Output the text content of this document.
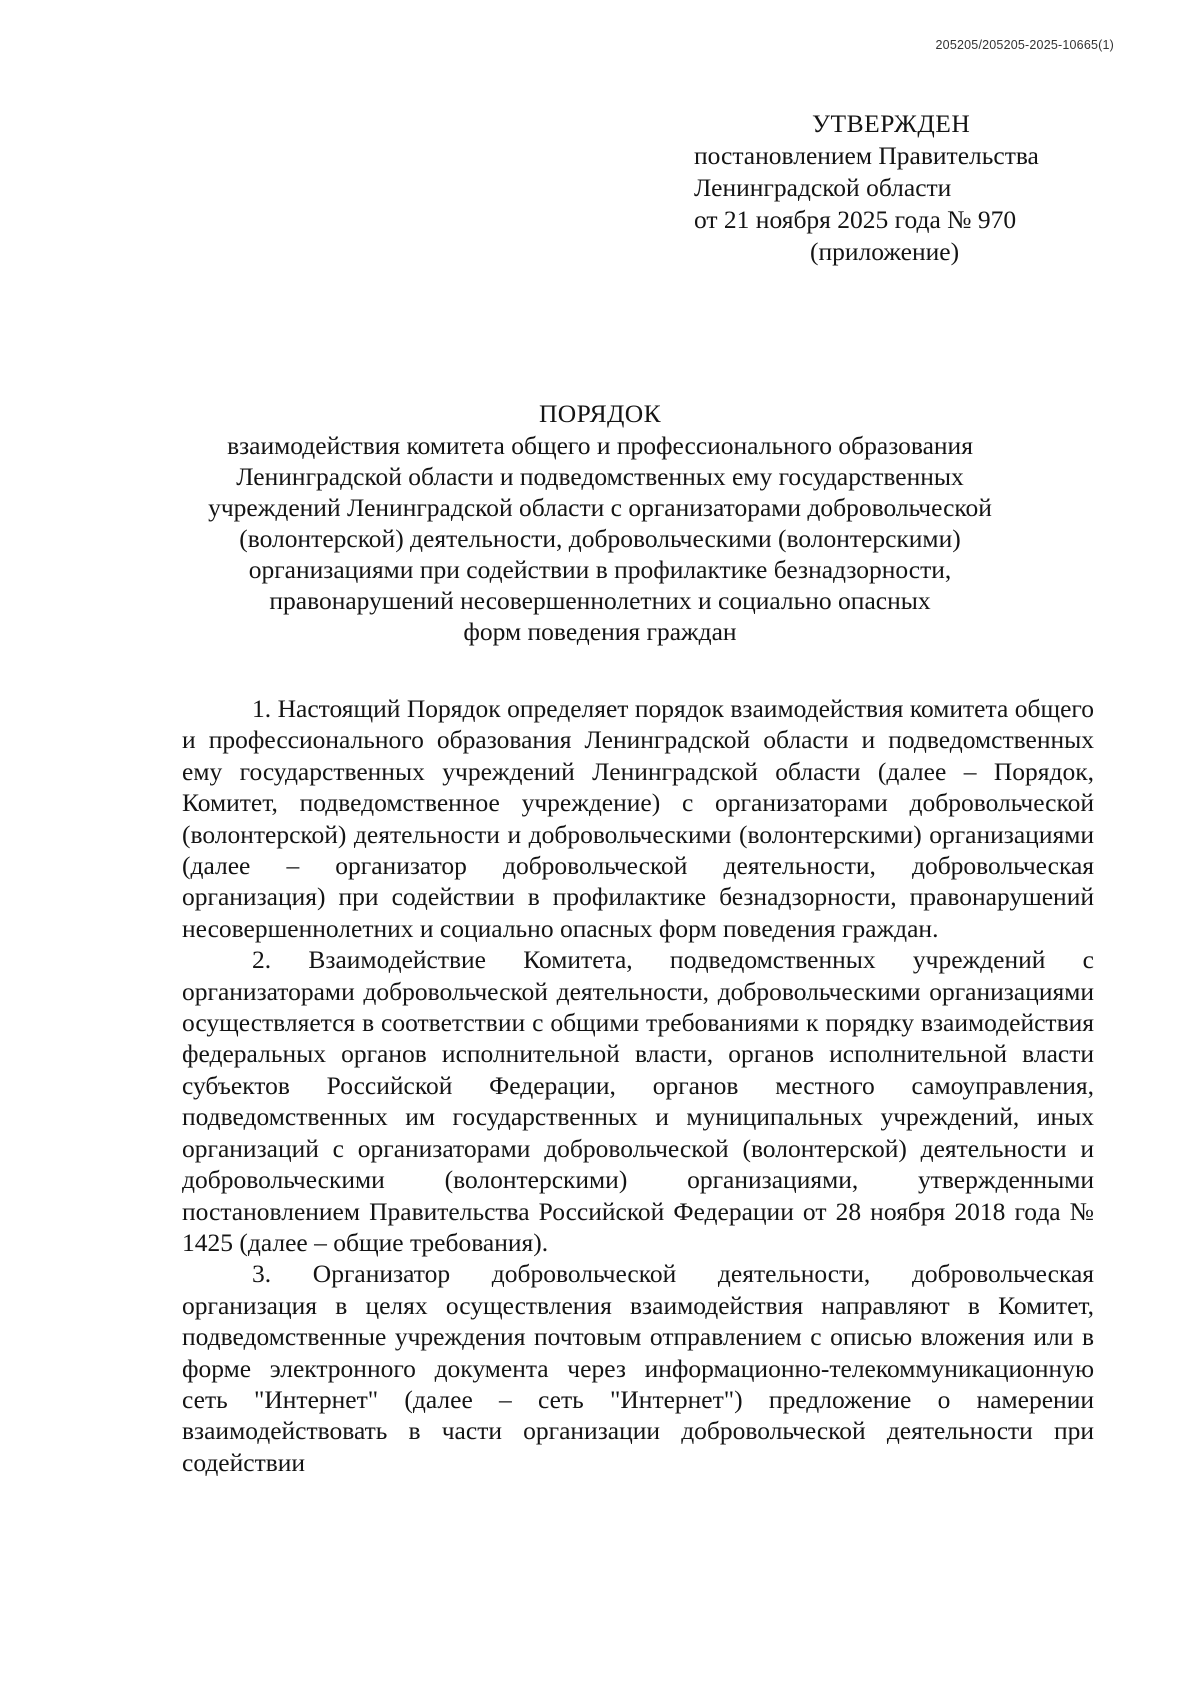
205205/205205-2025-10665(1)
УТВЕРЖДЕН
постановлением Правительства
Ленинградской области
от 21 ноября 2025 года № 970
(приложение)
ПОРЯДОК
взаимодействия комитета общего и профессионального образования
Ленинградской области и подведомственных ему государственных
учреждений Ленинградской области с организаторами добровольческой
(волонтерской) деятельности, добровольческими (волонтерскими)
организациями при содействии в профилактике безнадзорности,
правонарушений несовершеннолетних и социально опасных
форм поведения граждан

1. Настоящий Порядок определяет порядок взаимодействия комитета общего и профессионального образования Ленинградской области и подведомственных ему государственных учреждений Ленинградской области (далее – Порядок, Комитет, подведомственное учреждение) с организаторами добровольческой (волонтерской) деятельности и добровольческими (волонтерскими) организациями (далее – организатор добровольческой деятельности, добровольческая организация) при содействии в профилактике безнадзорности, правонарушений несовершеннолетних и социально опасных форм поведения граждан.

2. Взаимодействие Комитета, подведомственных учреждений с организаторами добровольческой деятельности, добровольческими организациями осуществляется в соответствии с общими требованиями к порядку взаимодействия федеральных органов исполнительной власти, органов исполнительной власти субъектов Российской Федерации, органов местного самоуправления, подведомственных им государственных и муниципальных учреждений, иных организаций с организаторами добровольческой (волонтерской) деятельности и добровольческими (волонтерскими) организациями, утвержденными постановлением Правительства Российской Федерации от 28 ноября 2018 года № 1425 (далее – общие требования).

3. Организатор добровольческой деятельности, добровольческая организация в целях осуществления взаимодействия направляют в Комитет, подведомственные учреждения почтовым отправлением с описью вложения или в форме электронного документа через информационно-телекоммуникационную сеть "Интернет" (далее – сеть "Интернет") предложение о намерении взаимодействовать в части организации добровольческой деятельности при содействии
